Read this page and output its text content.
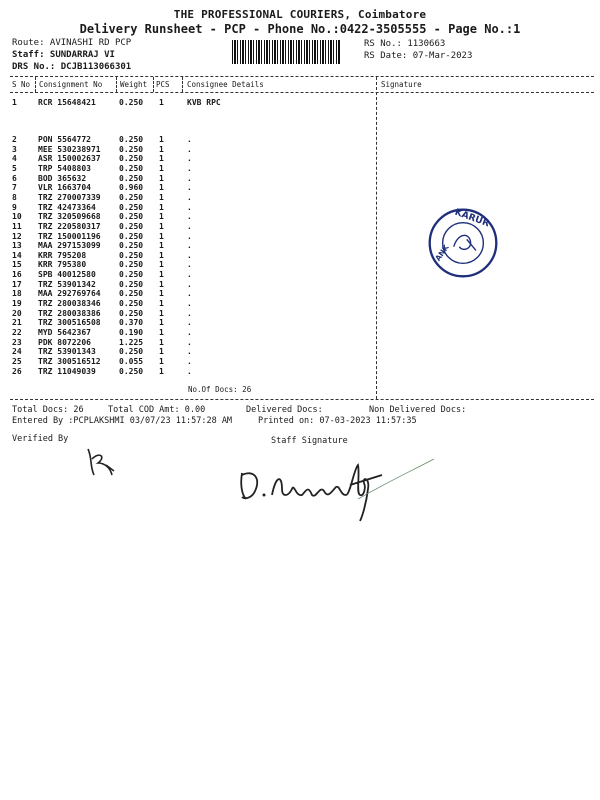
THE PROFESSIONAL COURIERS, Coimbatore
Delivery Runsheet - PCP - Phone No.:0422-3505555 - Page No.:1
Route: AVINASHI RD PCP
Staff: SUNDARRAJ VI
DRS No.: DCJB113066301
RS No.: 1130663
RS Date: 07-Mar-2023
S No Consignment No Weight PCS Consignee Details	Signature
1	RCR 15648421	0.250 1	KVB RPC
2	PON 5564772	0.250 1	.
3	MEE 530238971 0.250 1	.
4	ASR 150002637 0.250 1	.
5	TRP 5408803	0.250 1	.
6	BOD 365632	0.250 1	.
7	VLR 1663704	0.960 1	.
8	TRZ 270007339 0.250 1	.
9	TRZ 42473364	0.250 1	.
10 TRZ 320509668 0.250 1	.
11 TRZ 220580317 0.250 1	.
12 TRZ 150001196 0.250 1	.
13 MAA 297153099 0.250 1	.
14 KRR 795208	0.250 1	.
15 KRR 795380	0.250 1	.
16 SPB 40012580	0.250 1	.
17 TRZ 53901342	0.250 1	.
18 MAA 292769764 0.250 1	.
19 TRZ 280038346 0.250 1	.
20 TRZ 280038386 0.250 1	.
21 TRZ 300516508 0.370 1	.
22 MYD 5642367	0.190 1	.
23 PDK 8072206	1.225 1	.
24 TRZ 53901343	0.250 1	.
25 TRZ 300516512 0.055 1	.
26 TRZ 11049039	0.250 1	.
No.Of Docs: 26
Total Docs: 26	Total COD Amt: 0.00	Delivered Docs:	Non Delivered Docs:
Entered By :PCPLAKSHMI 03/07/23 11:57:28 AM	Printed on: 07-03-2023 11:57:35
Verified By	Staff Signature
KARUR
ANK
